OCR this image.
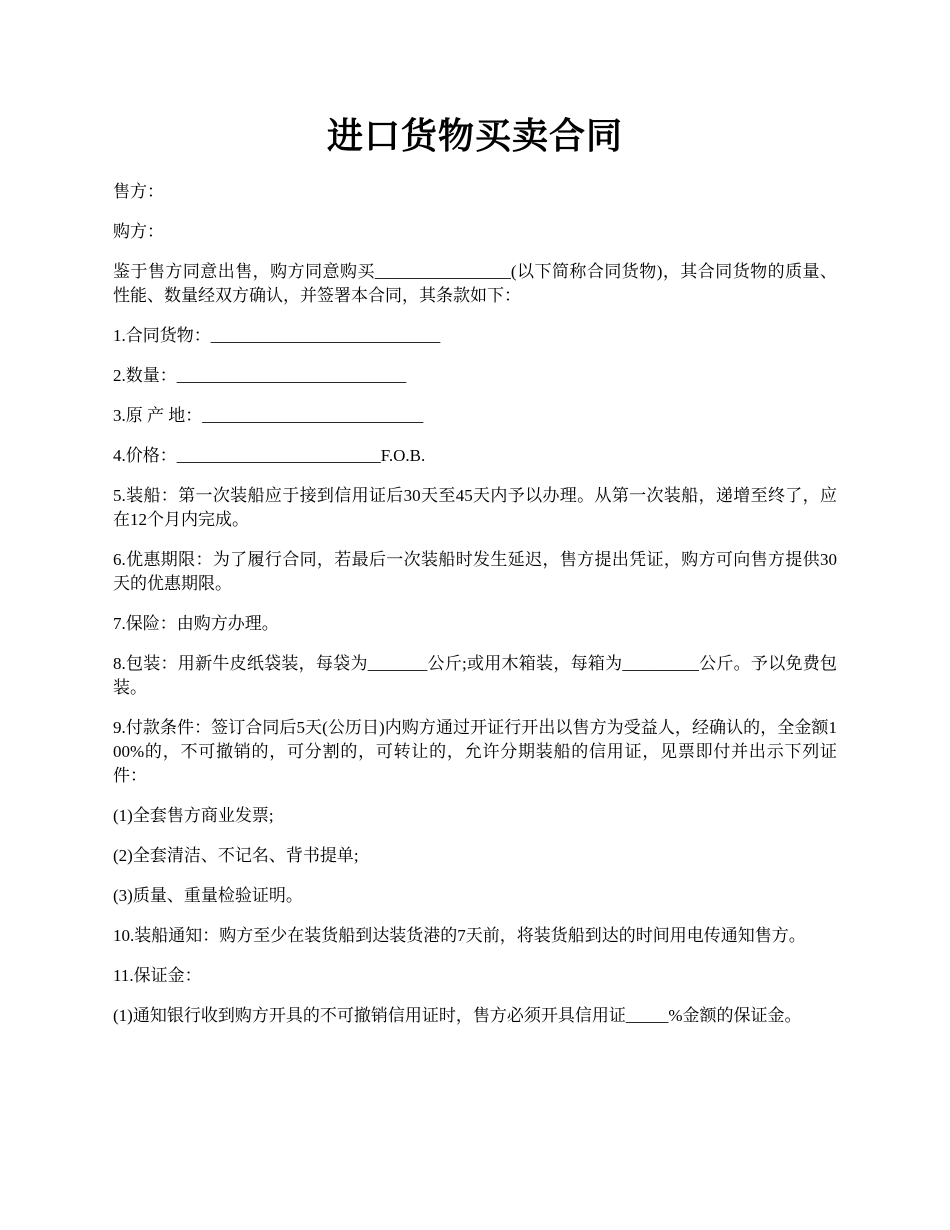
进口货物买卖合同

售方：

购方：

鉴于售方同意出售，购方同意购买________________(以下简称合同货物)，其合同货物的质量、性能、数量经双方确认，并签署本合同，其条款如下：

1.合同货物：___________________________

2.数量：___________________________

3.原 产 地：__________________________

4.价格：________________________F.O.B.

5.装船：第一次装船应于接到信用证后30天至45天内予以办理。从第一次装船，递增至终了，应在12个月内完成。

6.优惠期限：为了履行合同，若最后一次装船时发生延迟，售方提出凭证，购方可向售方提供30天的优惠期限。

7.保险：由购方办理。

8.包装：用新牛皮纸袋装，每袋为_______公斤;或用木箱装，每箱为_________公斤。予以免费包装。

9.付款条件：签订合同后5天(公历日)内购方通过开证行开出以售方为受益人，经确认的，全金额100%的，不可撤销的，可分割的，可转让的，允许分期装船的信用证，见票即付并出示下列证件：

(1)全套售方商业发票;

(2)全套清洁、不记名、背书提单;

(3)质量、重量检验证明。

10.装船通知：购方至少在装货船到达装货港的7天前，将装货船到达的时间用电传通知售方。

11.保证金：

(1)通知银行收到购方开具的不可撤销信用证时，售方必须开具信用证_____%金额的保证金。
